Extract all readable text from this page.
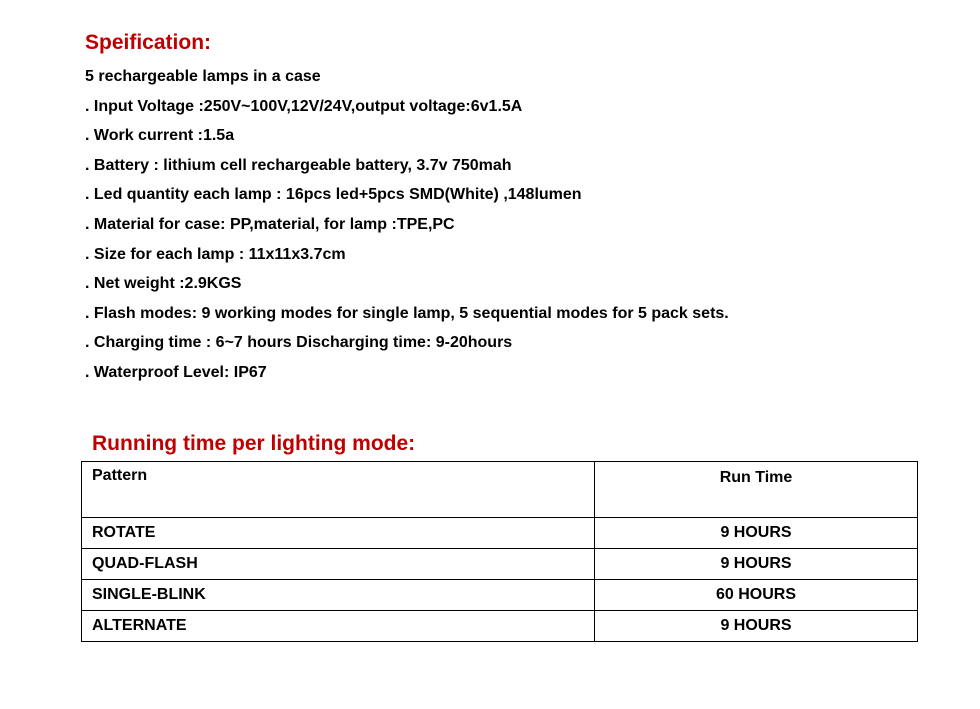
Speification:
5 rechargeable lamps in a case
. Input Voltage :250V~100V,12V/24V,output voltage:6v1.5A
. Work current :1.5a
. Battery : lithium cell rechargeable battery, 3.7v 750mah
. Led quantity each lamp : 16pcs led+5pcs SMD(White) ,148lumen
. Material for case: PP,material, for lamp :TPE,PC
. Size for each lamp : 11x11x3.7cm
. Net weight :2.9KGS
. Flash modes: 9 working modes for single lamp, 5 sequential modes for 5 pack sets.
. Charging time : 6~7 hours Discharging time: 9-20hours
. Waterproof Level: IP67
Running time per lighting mode:
Pattern	Run Time
ROTATE	9 HOURS
QUAD-FLASH	9 HOURS
SINGLE-BLINK	60 HOURS
ALTERNATE	9 HOURS
